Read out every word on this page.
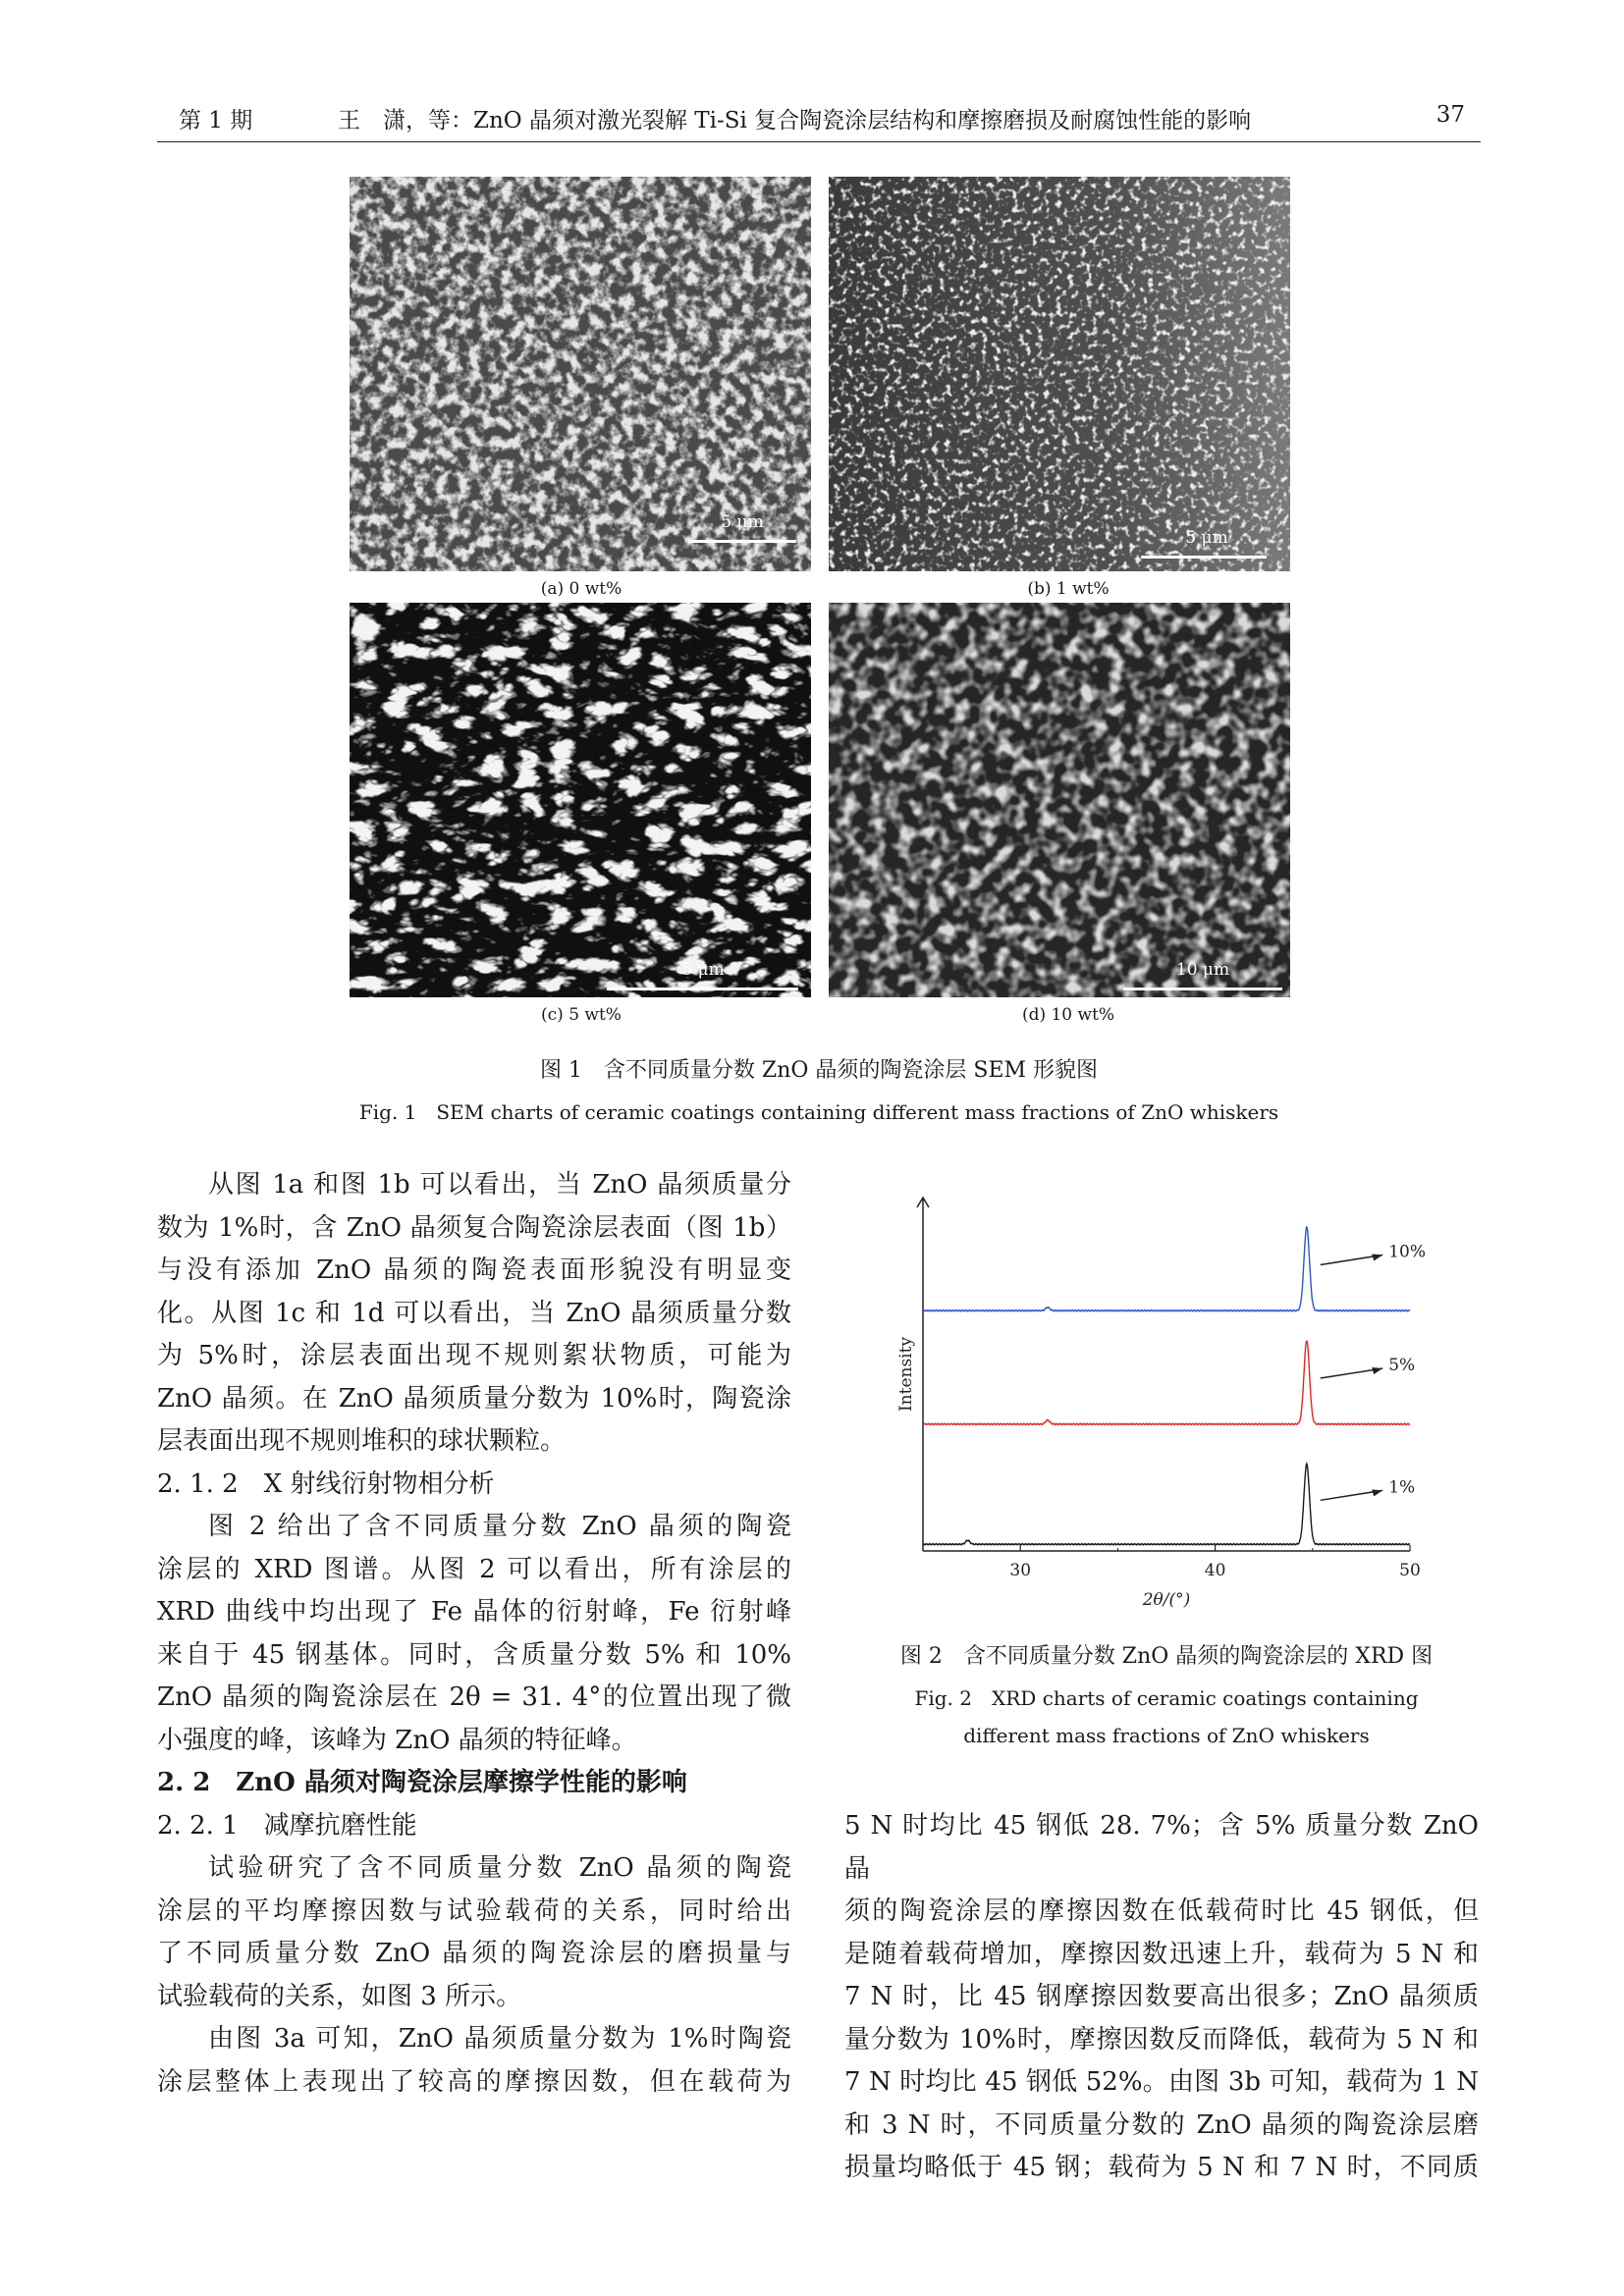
第 1 期	王　潇，等：ZnO 晶须对激光裂解 Ti-Si 复合陶瓷涂层结构和摩擦磨损及耐腐蚀性能的影响	37
5 μm
5 μm
5 μm	10 μm
(a) 0 wt%	(b) 1 wt%
(c) 5 wt%	(d) 10 wt%
图 1　含不同质量分数 ZnO 晶须的陶瓷涂层 SEM 形貌图
Fig. 1　SEM charts of ceramic coatings containing different mass fractions of ZnO whiskers

从图 1a 和图 1b 可以看出，当 ZnO 晶须质量分

数为 1%时，含 ZnO 晶须复合陶瓷涂层表面（图 1b）

与没有添加 ZnO 晶须的陶瓷表面形貌没有明显变

化。从图 1c 和 1d 可以看出，当 ZnO 晶须质量分数

为 5%时，涂层表面出现不规则絮状物质，可能为

ZnO 晶须。在 ZnO 晶须质量分数为 10%时，陶瓷涂

层表面出现不规则堆积的球状颗粒。

2. 1. 2　X 射线衍射物相分析

图 2 给出了含不同质量分数 ZnO 晶须的陶瓷

涂层的 XRD 图谱。从图 2 可以看出，所有涂层的

XRD 曲线中均出现了 Fe 晶体的衍射峰，Fe 衍射峰

来自于 45 钢基体。同时，含质量分数 5% 和 10%

ZnO 晶须的陶瓷涂层在 2θ = 31. 4°的位置出现了微

小强度的峰，该峰为 ZnO 晶须的特征峰。

2. 2　ZnO 晶须对陶瓷涂层摩擦学性能的影响

2. 2. 1　减摩抗磨性能

试验研究了含不同质量分数 ZnO 晶须的陶瓷

涂层的平均摩擦因数与试验载荷的关系，同时给出

了不同质量分数 ZnO 晶须的陶瓷涂层的磨损量与

试验载荷的关系，如图 3 所示。

由图 3a 可知，ZnO 晶须质量分数为 1%时陶瓷

涂层整体上表现出了较高的摩擦因数，但在载荷为

30	40	50
2θ/(°)
Intensity
1%
5%
10%
图 2　含不同质量分数 ZnO 晶须的陶瓷涂层的 XRD 图
Fig. 2　XRD charts of ceramic coatings containing
different mass fractions of ZnO whiskers

5 N 时均比 45 钢低 28. 7%；含 5% 质量分数 ZnO 晶

须的陶瓷涂层的摩擦因数在低载荷时比 45 钢低，但

是随着载荷增加，摩擦因数迅速上升，载荷为 5 N 和

7 N 时，比 45 钢摩擦因数要高出很多；ZnO 晶须质

量分数为 10%时，摩擦因数反而降低，载荷为 5 N 和

7 N 时均比 45 钢低 52%。由图 3b 可知，载荷为 1 N

和 3 N 时，不同质量分数的 ZnO 晶须的陶瓷涂层磨

损量均略低于 45 钢；载荷为 5 N 和 7 N 时，不同质
